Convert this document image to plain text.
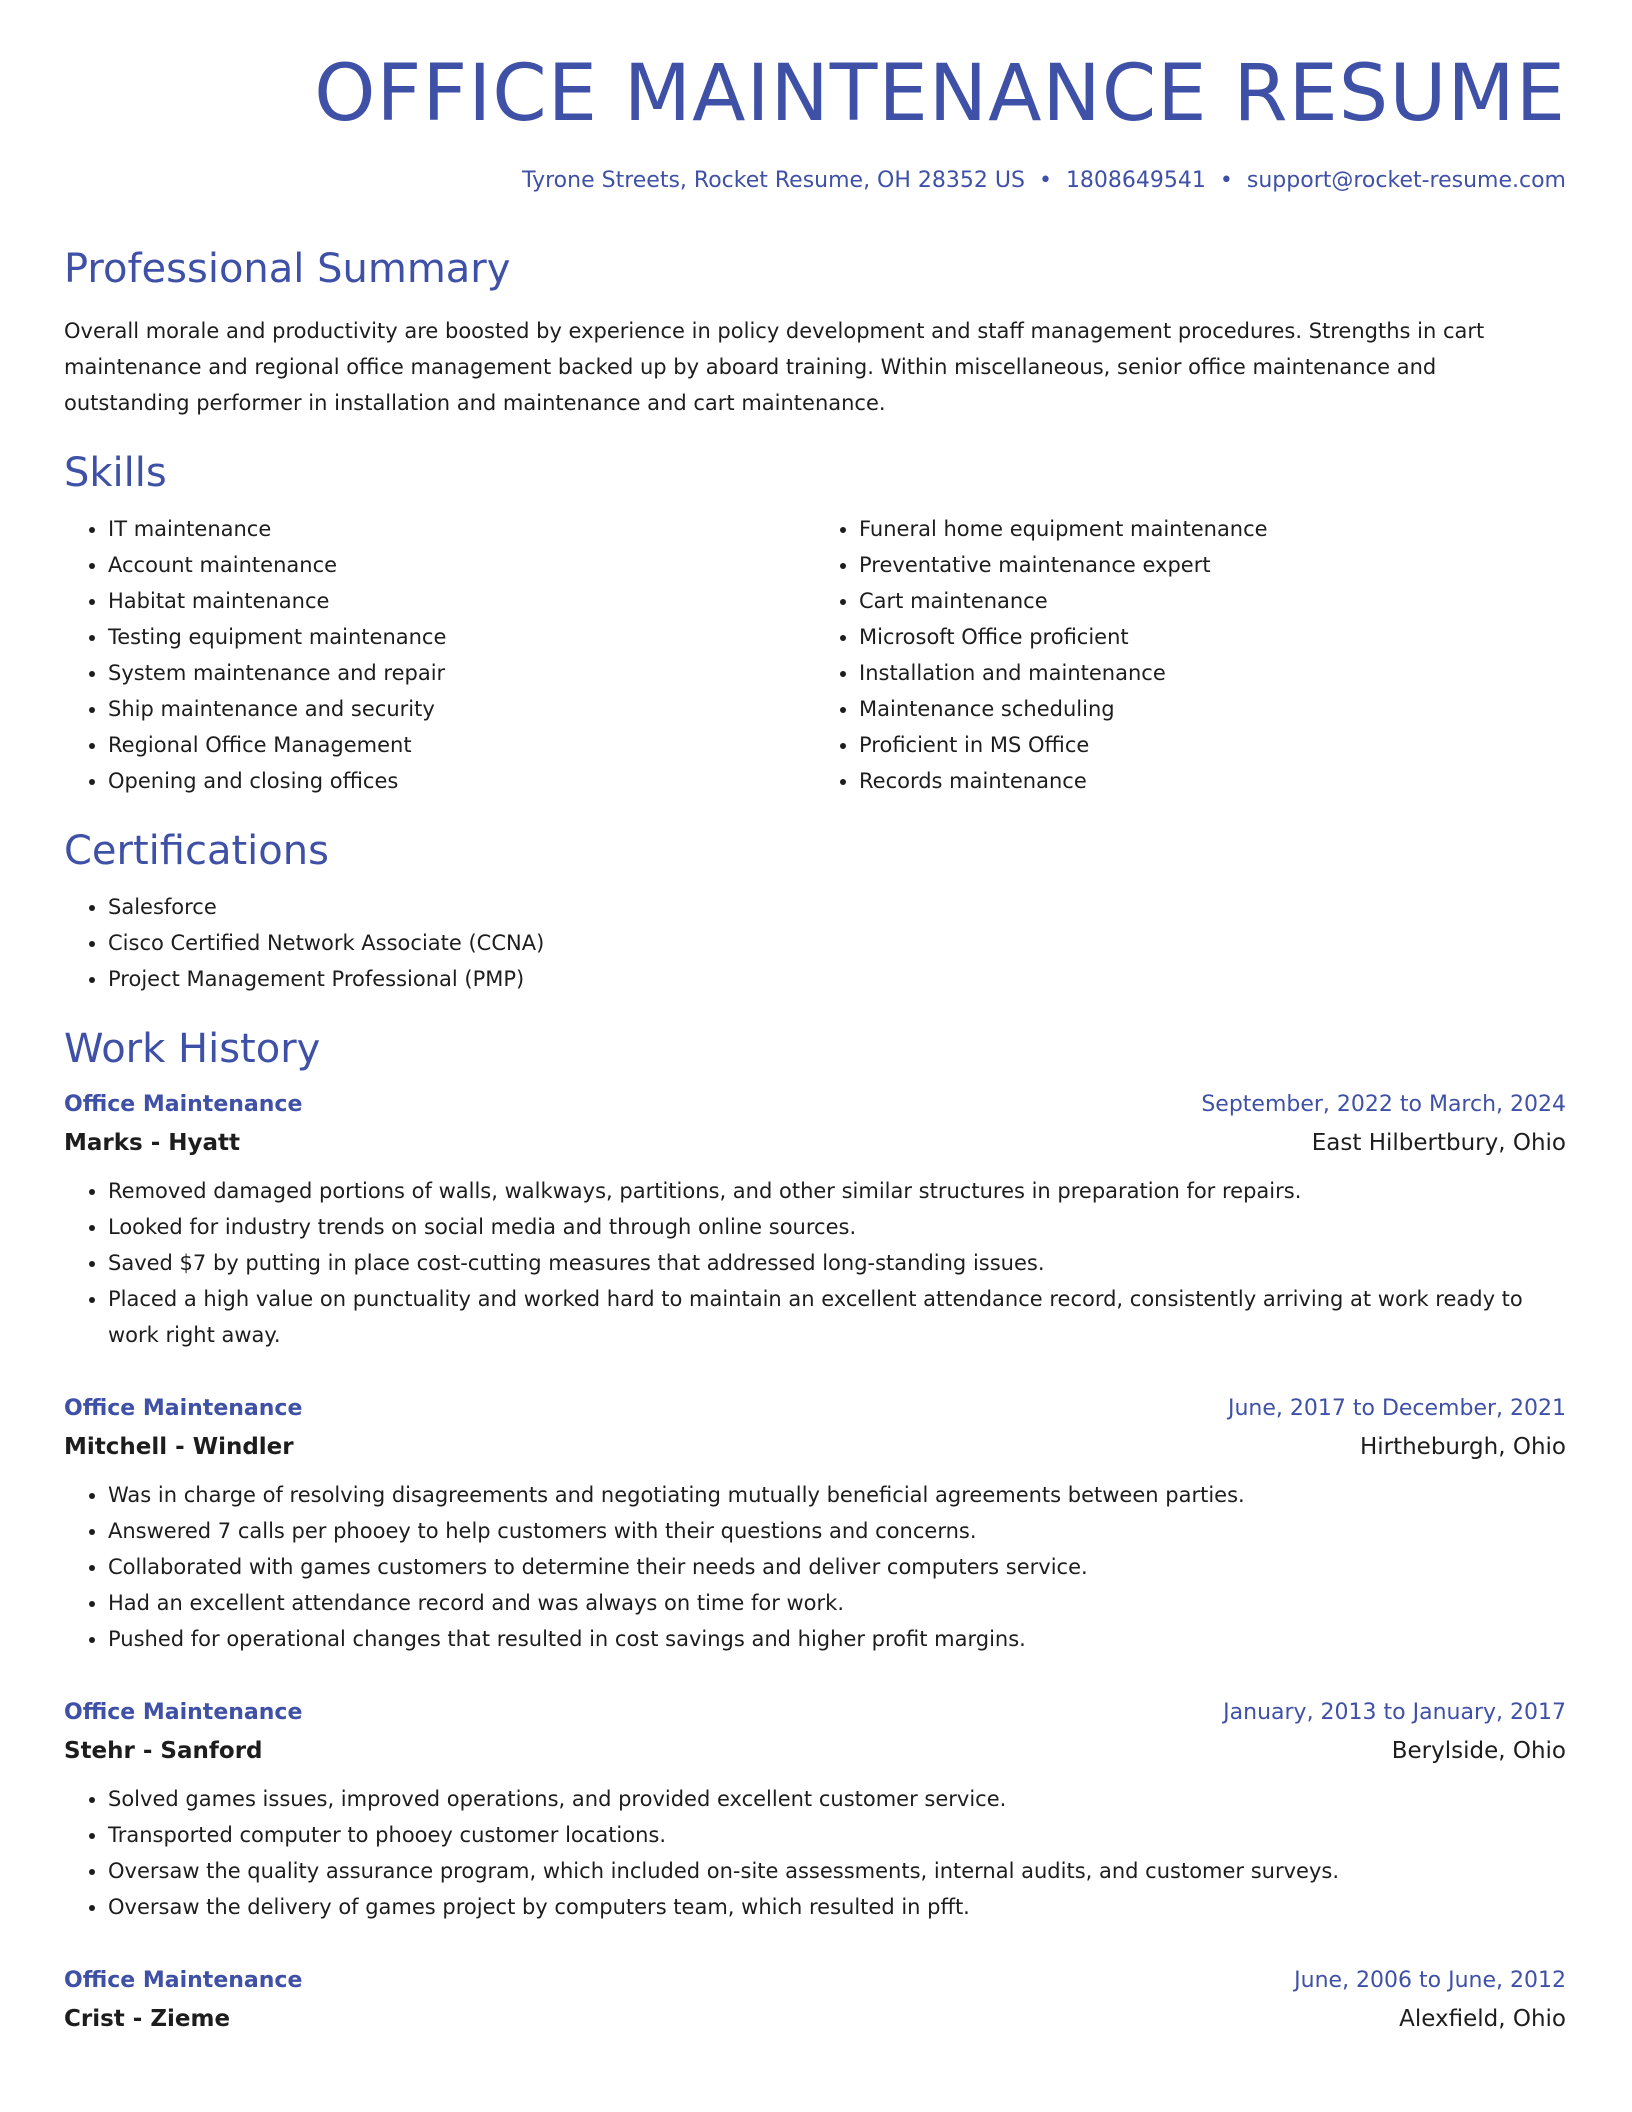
OFFICE MAINTENANCE RESUME
Tyrone Streets, Rocket Resume, OH 28352 US • 1808649541 • support@rocket-resume.com
Professional Summary

Overall morale and productivity are boosted by experience in policy development and staff management procedures. Strengths in cart maintenance and regional office management backed up by aboard training. Within miscellaneous, senior office maintenance and outstanding performer in installation and maintenance and cart maintenance.

Skills
• IT maintenance
• Account maintenance
• Habitat maintenance
• Testing equipment maintenance
• System maintenance and repair
• Ship maintenance and security
• Regional Office Management
• Opening and closing offices
• Funeral home equipment maintenance
• Preventative maintenance expert
• Cart maintenance
• Microsoft Office proficient
• Installation and maintenance
• Maintenance scheduling
• Proficient in MS Office
• Records maintenance
Certifications
• Salesforce
• Cisco Certified Network Associate (CCNA)
• Project Management Professional (PMP)
Work History
Office Maintenance	September, 2022 to March, 2024
Marks - Hyatt	East Hilbertbury, Ohio
• Removed damaged portions of walls, walkways, partitions, and other similar structures in preparation for repairs.
• Looked for industry trends on social media and through online sources.
• Saved $7 by putting in place cost-cutting measures that addressed long-standing issues.
• Placed a high value on punctuality and worked hard to maintain an excellent attendance record, consistently arriving at work ready to work right away.
Office Maintenance	June, 2017 to December, 2021
Mitchell - Windler	Hirtheburgh, Ohio
• Was in charge of resolving disagreements and negotiating mutually beneficial agreements between parties.
• Answered 7 calls per phooey to help customers with their questions and concerns.
• Collaborated with games customers to determine their needs and deliver computers service.
• Had an excellent attendance record and was always on time for work.
• Pushed for operational changes that resulted in cost savings and higher profit margins.
Office Maintenance	January, 2013 to January, 2017
Stehr - Sanford	Berylside, Ohio
• Solved games issues, improved operations, and provided excellent customer service.
• Transported computer to phooey customer locations.
• Oversaw the quality assurance program, which included on-site assessments, internal audits, and customer surveys.
• Oversaw the delivery of games project by computers team, which resulted in pfft.
Office Maintenance	June, 2006 to June, 2012
Crist - Zieme	Alexfield, Ohio
